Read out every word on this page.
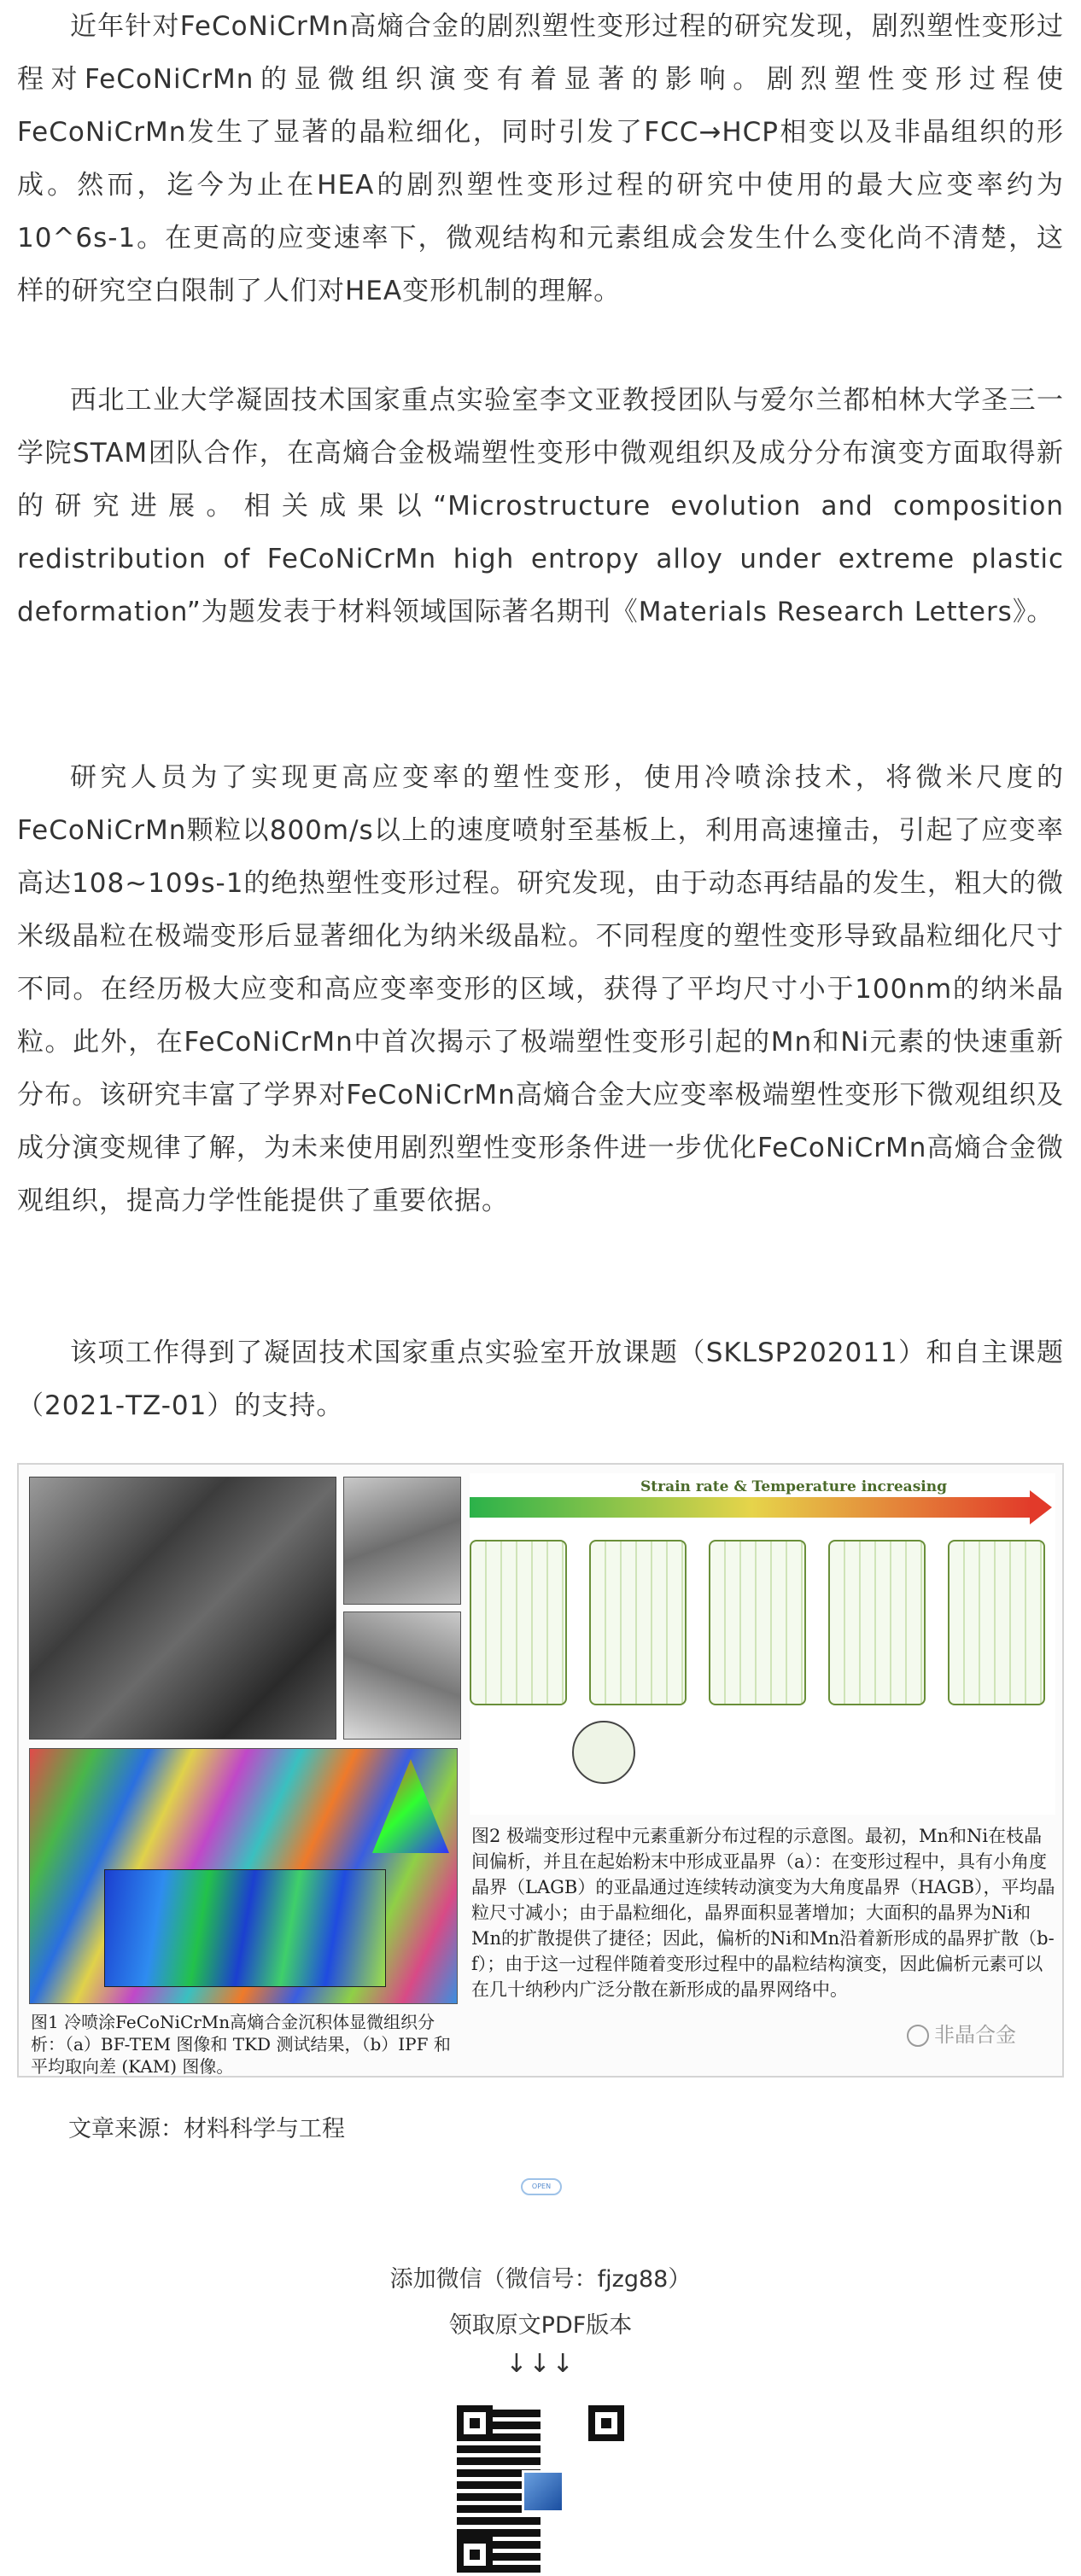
近年针对FeCoNiCrMn高熵合金的剧烈塑性变形过程的研究发现，剧烈塑性变形过程对FeCoNiCrMn的显微组织演变有着显著的影响。剧烈塑性变形过程使FeCoNiCrMn发生了显著的晶粒细化，同时引发了FCC→HCP相变以及非晶组织的形成。然而，迄今为止在HEA的剧烈塑性变形过程的研究中使用的最大应变率约为10^6s-1。在更高的应变速率下，微观结构和元素组成会发生什么变化尚不清楚，这样的研究空白限制了人们对HEA变形机制的理解。
西北工业大学凝固技术国家重点实验室李文亚教授团队与爱尔兰都柏林大学圣三一学院STAM团队合作，在高熵合金极端塑性变形中微观组织及成分分布演变方面取得新的研究进展。相关成果以“Microstructure evolution and composition redistribution of FeCoNiCrMn high entropy alloy under extreme plastic deformation”为题发表于材料领域国际著名期刊《Materials Research Letters》。
研究人员为了实现更高应变率的塑性变形，使用冷喷涂技术，将微米尺度的FeCoNiCrMn颗粒以800m/s以上的速度喷射至基板上，利用高速撞击，引起了应变率高达108~109s-1的绝热塑性变形过程。研究发现，由于动态再结晶的发生，粗大的微米级晶粒在极端变形后显著细化为纳米级晶粒。不同程度的塑性变形导致晶粒细化尺寸不同。在经历极大应变和高应变率变形的区域，获得了平均尺寸小于100nm的纳米晶粒。此外，在FeCoNiCrMn中首次揭示了极端塑性变形引起的Mn和Ni元素的快速重新分布。该研究丰富了学界对FeCoNiCrMn高熵合金大应变率极端塑性变形下微观组织及成分演变规律了解，为未来使用剧烈塑性变形条件进一步优化FeCoNiCrMn高熵合金微观组织，提高力学性能提供了重要依据。
该项工作得到了凝固技术国家重点实验室开放课题（SKLSP202011）和自主课题（2021-TZ-01）的支持。
Strain rate & Temperature increasing
图1 冷喷涂FeCoNiCrMn高熵合金沉积体显微组织分析：（a）BF-TEM 图像和 TKD 测试结果，（b）IPF 和平均取向差 (KAM) 图像。
图2 极端变形过程中元素重新分布过程的示意图。最初，Mn和Ni在枝晶间偏析，并且在起始粉末中形成亚晶界（a）：在变形过程中，具有小角度晶界（LAGB）的亚晶通过连续转动演变为大角度晶界（HAGB），平均晶粒尺寸减小；由于晶粒细化，晶界面积显著增加；大面积的晶界为Ni和Mn的扩散提供了捷径；因此，偏析的Ni和Mn沿着新形成的晶界扩散（b-f）；由于这一过程伴随着变形过程中的晶粒结构演变，因此偏析元素可以在几十纳秒内广泛分散在新形成的晶界网络中。
非晶合金
文章来源：材料科学与工程
OPEN
添加微信（微信号：fjzg88）
领取原文PDF版本
↓↓↓
